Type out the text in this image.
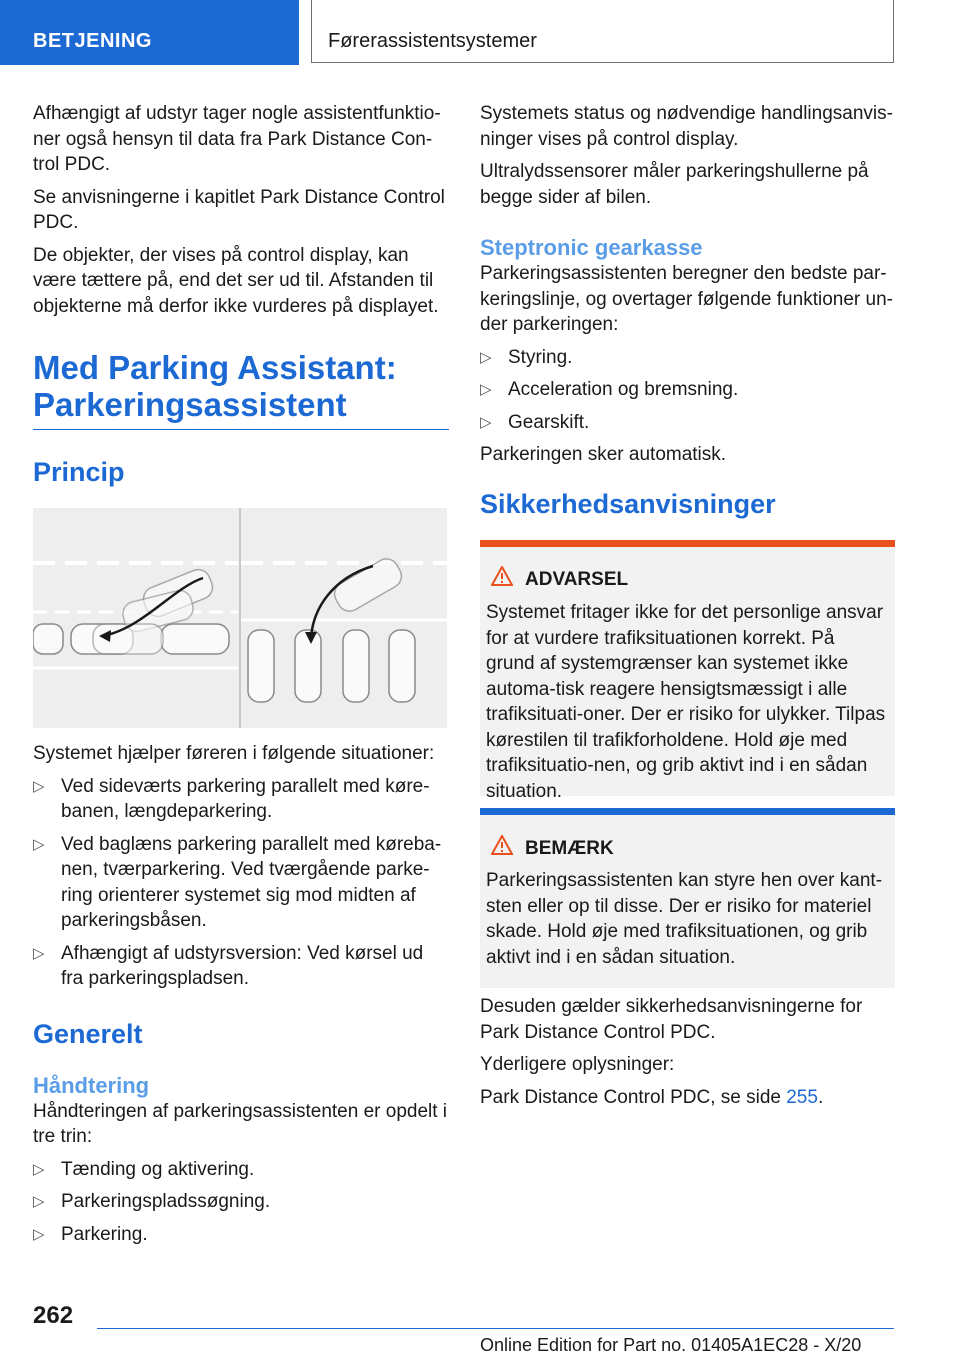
BETJENING	Førerassistentsystemer

Afhængigt af udstyr tager nogle assistentfunktio-ner også hensyn til data fra Park Distance Con-trol PDC.

Se anvisningerne i kapitlet Park Distance Control PDC.

De objekter, der vises på control display, kan være tættere på, end det ser ud til. Afstanden til objekterne må derfor ikke vurderes på displayet.

Med Parking Assistant:
Parkeringsassistent
Princip

Systemet hjælper føreren i følgende situationer:

▷ Ved sideværts parkering parallelt med køre-banen, længdeparkering.
▷ Ved baglæns parkering parallelt med køreba-nen, tværparkering. Ved tværgående parke-ring orienterer systemet sig mod midten af parkeringsbåsen.
▷ Afhængigt af udstyrsversion: Ved kørsel ud fra parkeringspladsen.
Generelt
Håndtering

Håndteringen af parkeringsassistenten er opdelt i tre trin:

▷ Tænding og aktivering.
▷ Parkeringspladssøgning.
▷ Parkering.

Systemets status og nødvendige handlingsanvis-ninger vises på control display.

Ultralydssensorer måler parkeringshullerne på begge sider af bilen.

Steptronic gearkasse

Parkeringsassistenten beregner den bedste par-keringslinje, og overtager følgende funktioner un-der parkeringen:

▷ Styring.
▷ Acceleration og bremsning.
▷ Gearskift.

Parkeringen sker automatisk.

Sikkerhedsanvisninger
ADVARSEL
Systemet fritager ikke for det personlige ansvar for at vurdere trafiksituationen korrekt. På grund af systemgrænser kan systemet ikke automa-tisk reagere hensigtsmæssigt i alle trafiksituati-oner. Der er risiko for ulykker. Tilpas kørestilen til trafikforholdene. Hold øje med trafiksituatio-nen, og grib aktivt ind i en sådan situation.
BEMÆRK
Parkeringsassistenten kan styre hen over kant-sten eller op til disse. Der er risiko for materiel skade. Hold øje med trafiksituationen, og grib aktivt ind i en sådan situation.

Desuden gælder sikkerhedsanvisningerne for Park Distance Control PDC.

Yderligere oplysninger:

Park Distance Control PDC, se side 255.

262
Online Edition for Part no. 01405A1EC28 - X/20
